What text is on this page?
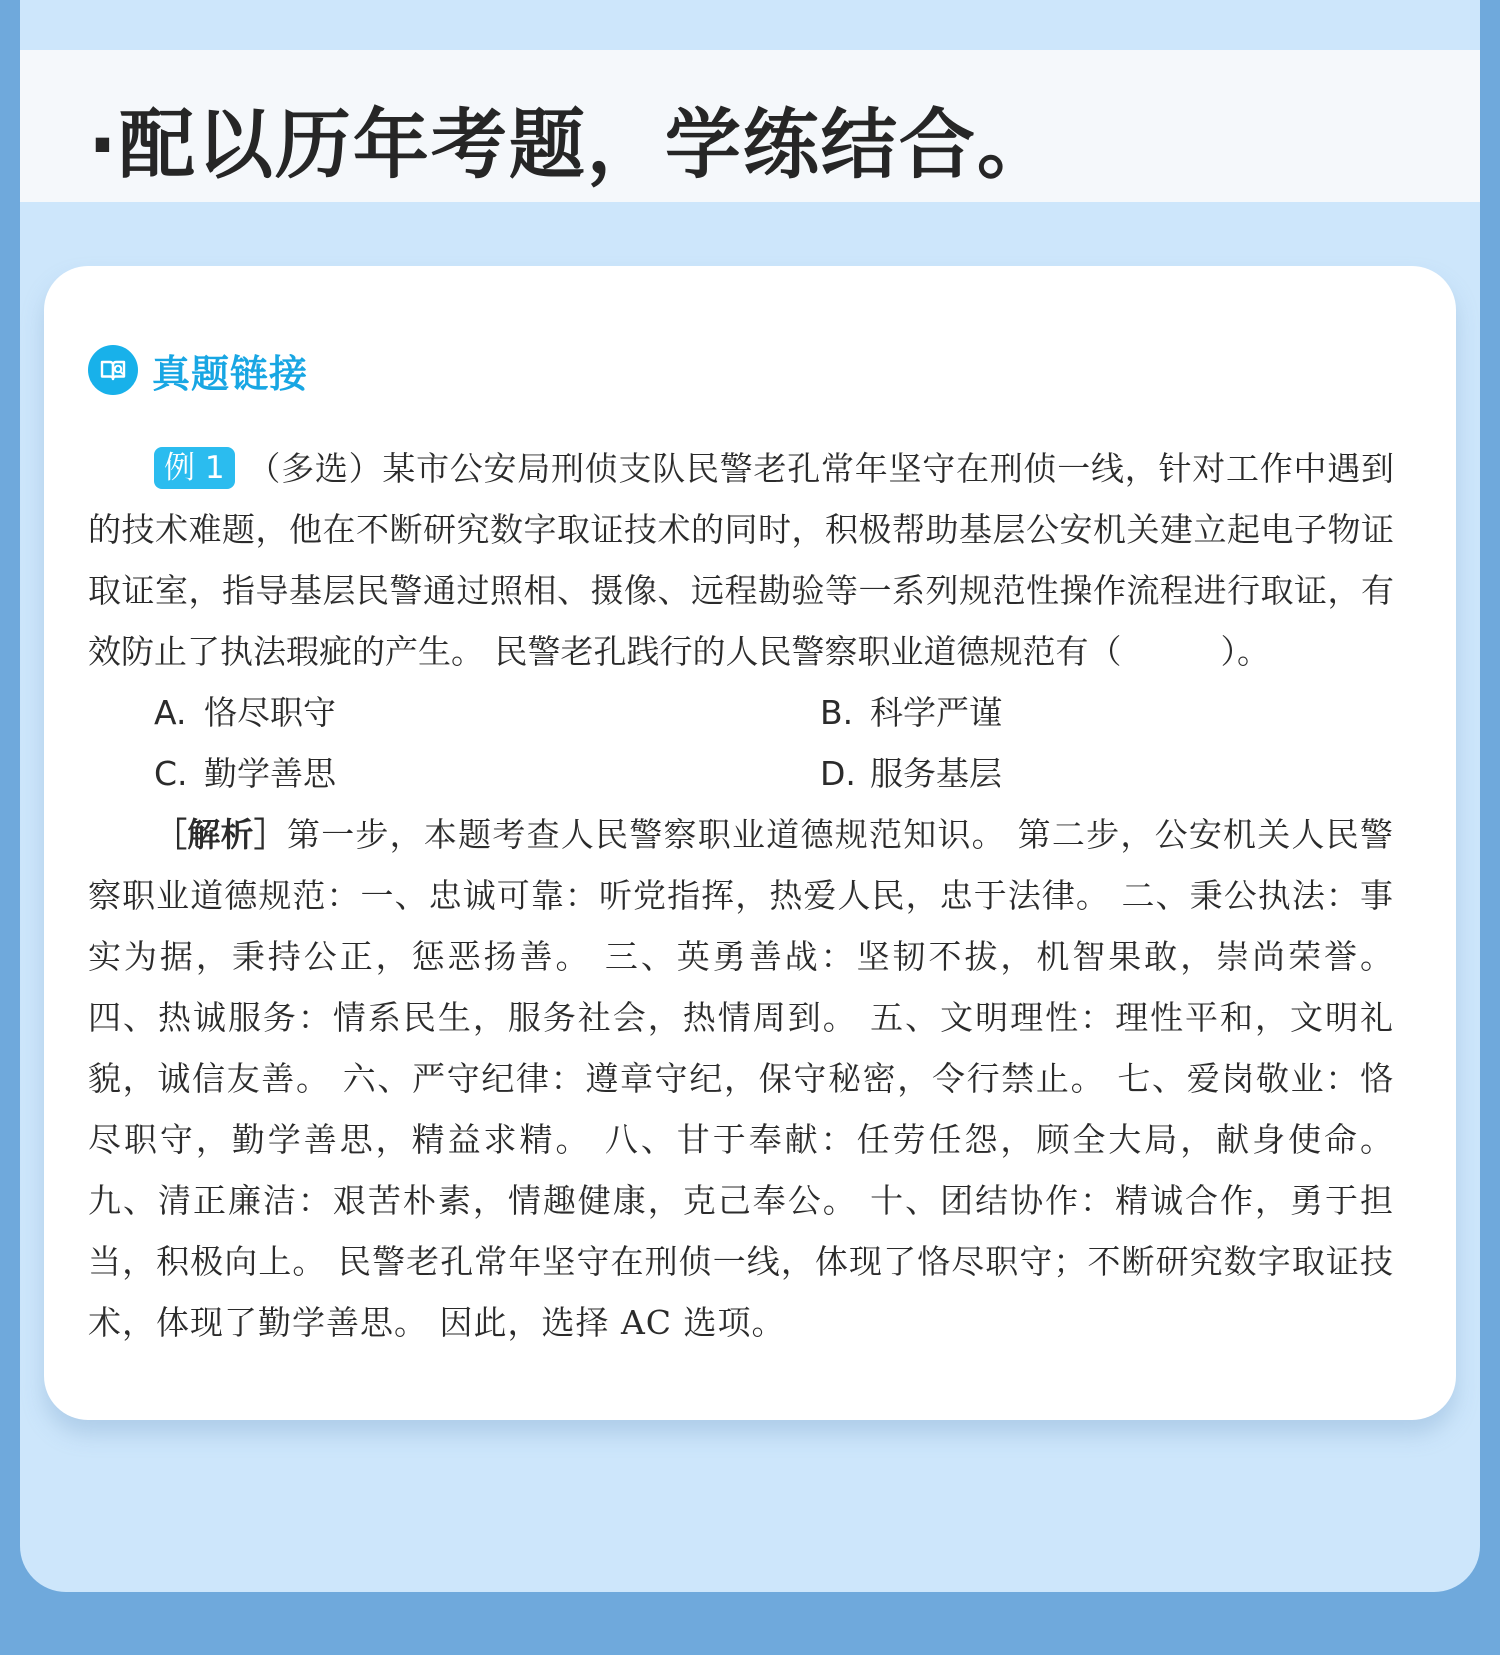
·配以历年考题，学练结合。
真题链接

例 1 （多选）某市公安局刑侦支队民警老孔常年坚守在刑侦一线，针对工作中遇到的技术难题，他在不断研究数字取证技术的同时，积极帮助基层公安机关建立起电子物证取证室，指导基层民警通过照相、摄像、远程勘验等一系列规范性操作流程进行取证，有效防止了执法瑕疵的产生。 民警老孔践行的人民警察职业道德规范有（　　　）。

A. 恪尽职守	B. 科学严谨
C. 勤学善思	D. 服务基层

［解析］第一步，本题考查人民警察职业道德规范知识。 第二步，公安机关人民警察职业道德规范：一、忠诚可靠：听党指挥，热爱人民，忠于法律。 二、秉公执法：事实为据，秉持公正，惩恶扬善。 三、英勇善战：坚韧不拔，机智果敢，崇尚荣誉。 四、热诚服务：情系民生，服务社会，热情周到。 五、文明理性：理性平和，文明礼貌，诚信友善。 六、严守纪律：遵章守纪，保守秘密，令行禁止。 七、爱岗敬业：恪尽职守，勤学善思，精益求精。 八、甘于奉献：任劳任怨，顾全大局，献身使命。 九、清正廉洁：艰苦朴素，情趣健康，克己奉公。 十、团结协作：精诚合作，勇于担当，积极向上。 民警老孔常年坚守在刑侦一线，体现了恪尽职守；不断研究数字取证技术，体现了勤学善思。 因此，选择 AC 选项。
